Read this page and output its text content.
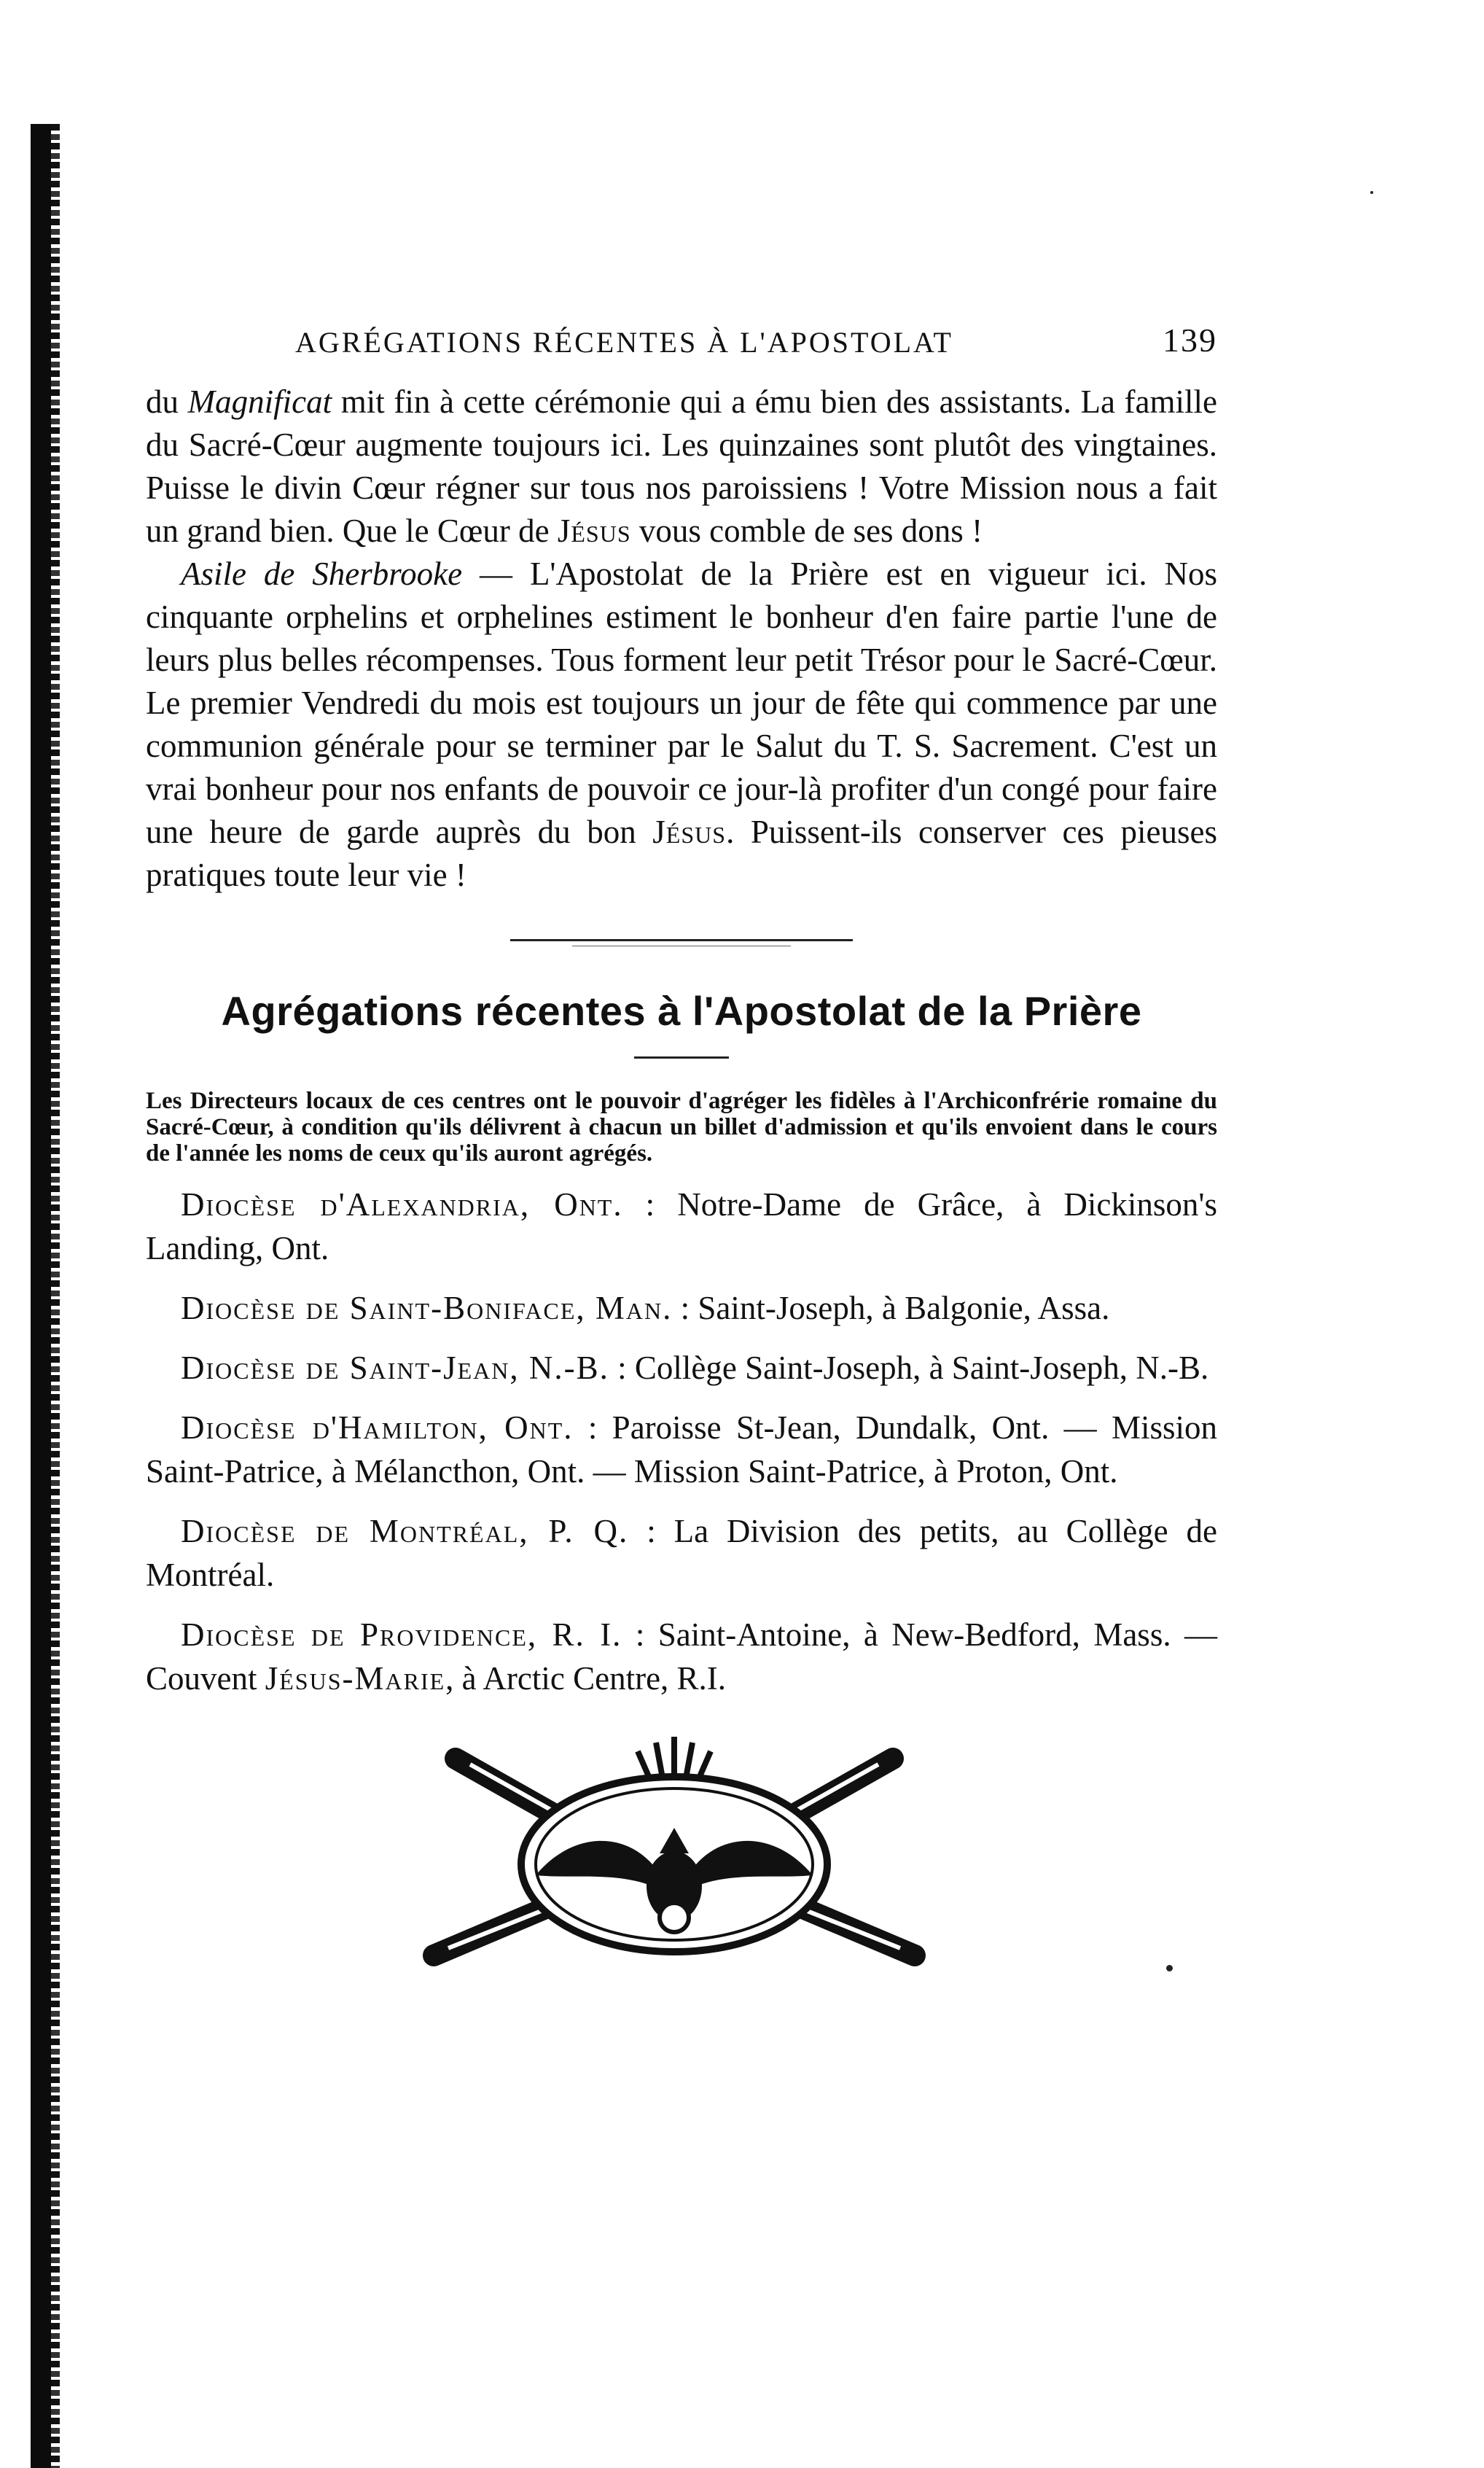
AGRÉGATIONS RÉCENTES À L'APOSTOLAT	139

du Magnificat mit fin à cette cérémonie qui a ému bien des assistants. La famille du Sacré-Cœur augmente toujours ici. Les quinzaines sont plutôt des vingtaines. Puisse le divin Cœur régner sur tous nos paroissiens ! Votre Mission nous a fait un grand bien. Que le Cœur de Jésus vous comble de ses dons !

Asile de Sherbrooke — L'Apostolat de la Prière est en vigueur ici. Nos cinquante orphelins et orphelines estiment le bonheur d'en faire partie l'une de leurs plus belles récompenses. Tous forment leur petit Trésor pour le Sacré-Cœur. Le premier Vendredi du mois est toujours un jour de fête qui commence par une communion générale pour se terminer par le Salut du T. S. Sacrement. C'est un vrai bonheur pour nos enfants de pouvoir ce jour-là profiter d'un congé pour faire une heure de garde auprès du bon Jésus. Puissent-ils conserver ces pieuses pratiques toute leur vie !

Agrégations récentes à l'Apostolat de la Prière

Les Directeurs locaux de ces centres ont le pouvoir d'agréger les fidèles à l'Archiconfrérie romaine du Sacré-Cœur, à condition qu'ils délivrent à chacun un billet d'admission et qu'ils envoient dans le cours de l'année les noms de ceux qu'ils auront agrégés.

Diocèse d'Alexandria, Ont. : Notre-Dame de Grâce, à Dickinson's Landing, Ont.

Diocèse de Saint-Boniface, Man. : Saint-Joseph, à Balgonie, Assa.

Diocèse de Saint-Jean, N.-B. : Collège Saint-Joseph, à Saint-Joseph, N.-B.

Diocèse d'Hamilton, Ont. : Paroisse St-Jean, Dundalk, Ont. — Mission Saint-Patrice, à Mélancthon, Ont. — Mission Saint-Patrice, à Proton, Ont.

Diocèse de Montréal, P. Q. : La Division des petits, au Collège de Montréal.

Diocèse de Providence, R. I. : Saint-Antoine, à New-Bedford, Mass. — Couvent Jésus-Marie, à Arctic Centre, R.I.
